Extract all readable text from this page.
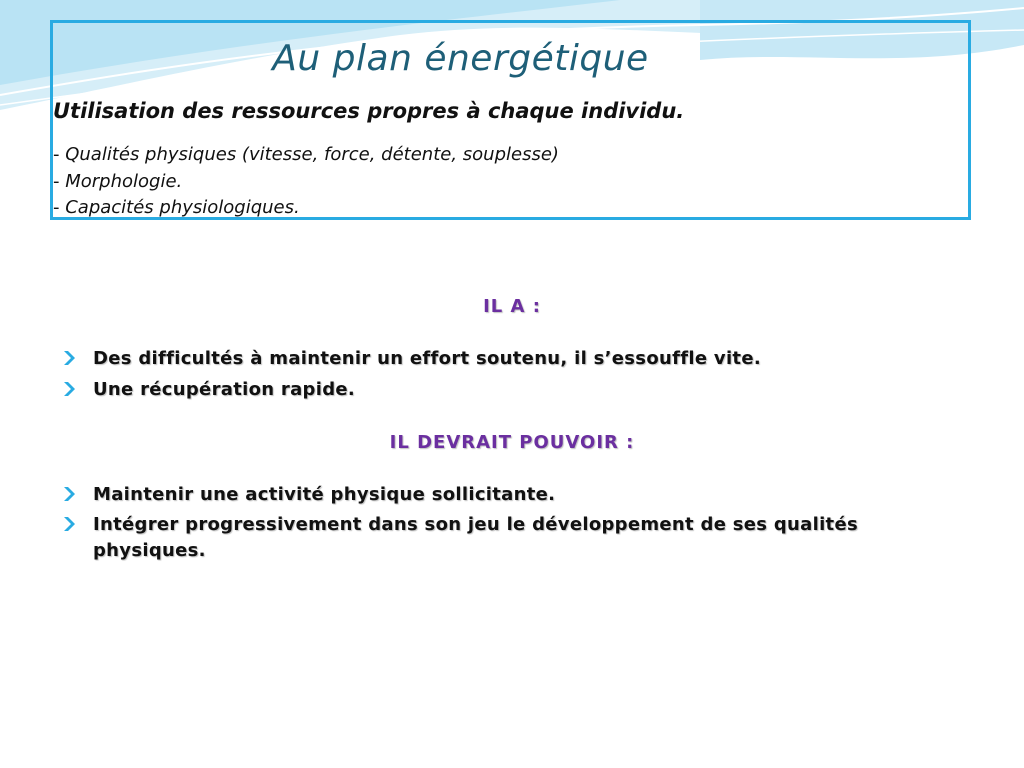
Au plan énergétique
Utilisation des ressources propres à chaque individu.
- Qualités physiques (vitesse, force, détente, souplesse)
- Morphologie.
- Capacités physiologiques.
IL A :
Des difficultés à maintenir un effort soutenu, il s’essouffle vite.
Une récupération rapide.
IL DEVRAIT POUVOIR :
Maintenir une activité physique sollicitante.
Intégrer progressivement dans son jeu le développement de ses qualités physiques.
